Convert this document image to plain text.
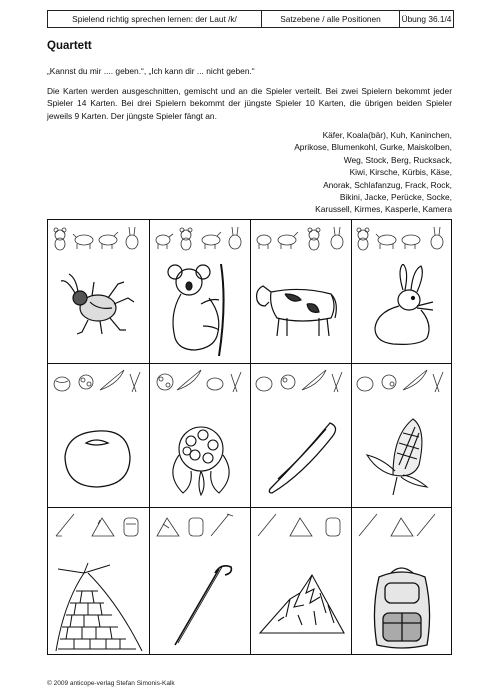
Spielend richtig sprechen lernen: der Laut /k/	Satzebene / alle Positionen	Übung 36.1/4
Quartett
„Kannst du mir .... geben.“, „Ich kann dir ... nicht geben.“

Die Karten werden ausgeschnitten, gemischt und an die Spieler verteilt. Bei zwei Spielern bekommt jeder Spieler 14 Karten. Bei drei Spielern bekommt der jüngste Spieler 10 Karten, die übrigen beiden Spieler jeweils 9 Karten. Der jüngste Spieler fängt an.

Käfer, Koala(bär), Kuh, Kaninchen,
Aprikose, Blumenkohl, Gurke, Maiskolben,
Weg, Stock, Berg, Rucksack,
Kiwi, Kirsche, Kürbis, Käse,
Anorak, Schlafanzug, Frack, Rock,
Bikini, Jacke, Perücke, Socke,
Karussell, Kirmes, Kasperle, Kamera
© 2009 anticope-verlag Stefan Simonis-Kalk
